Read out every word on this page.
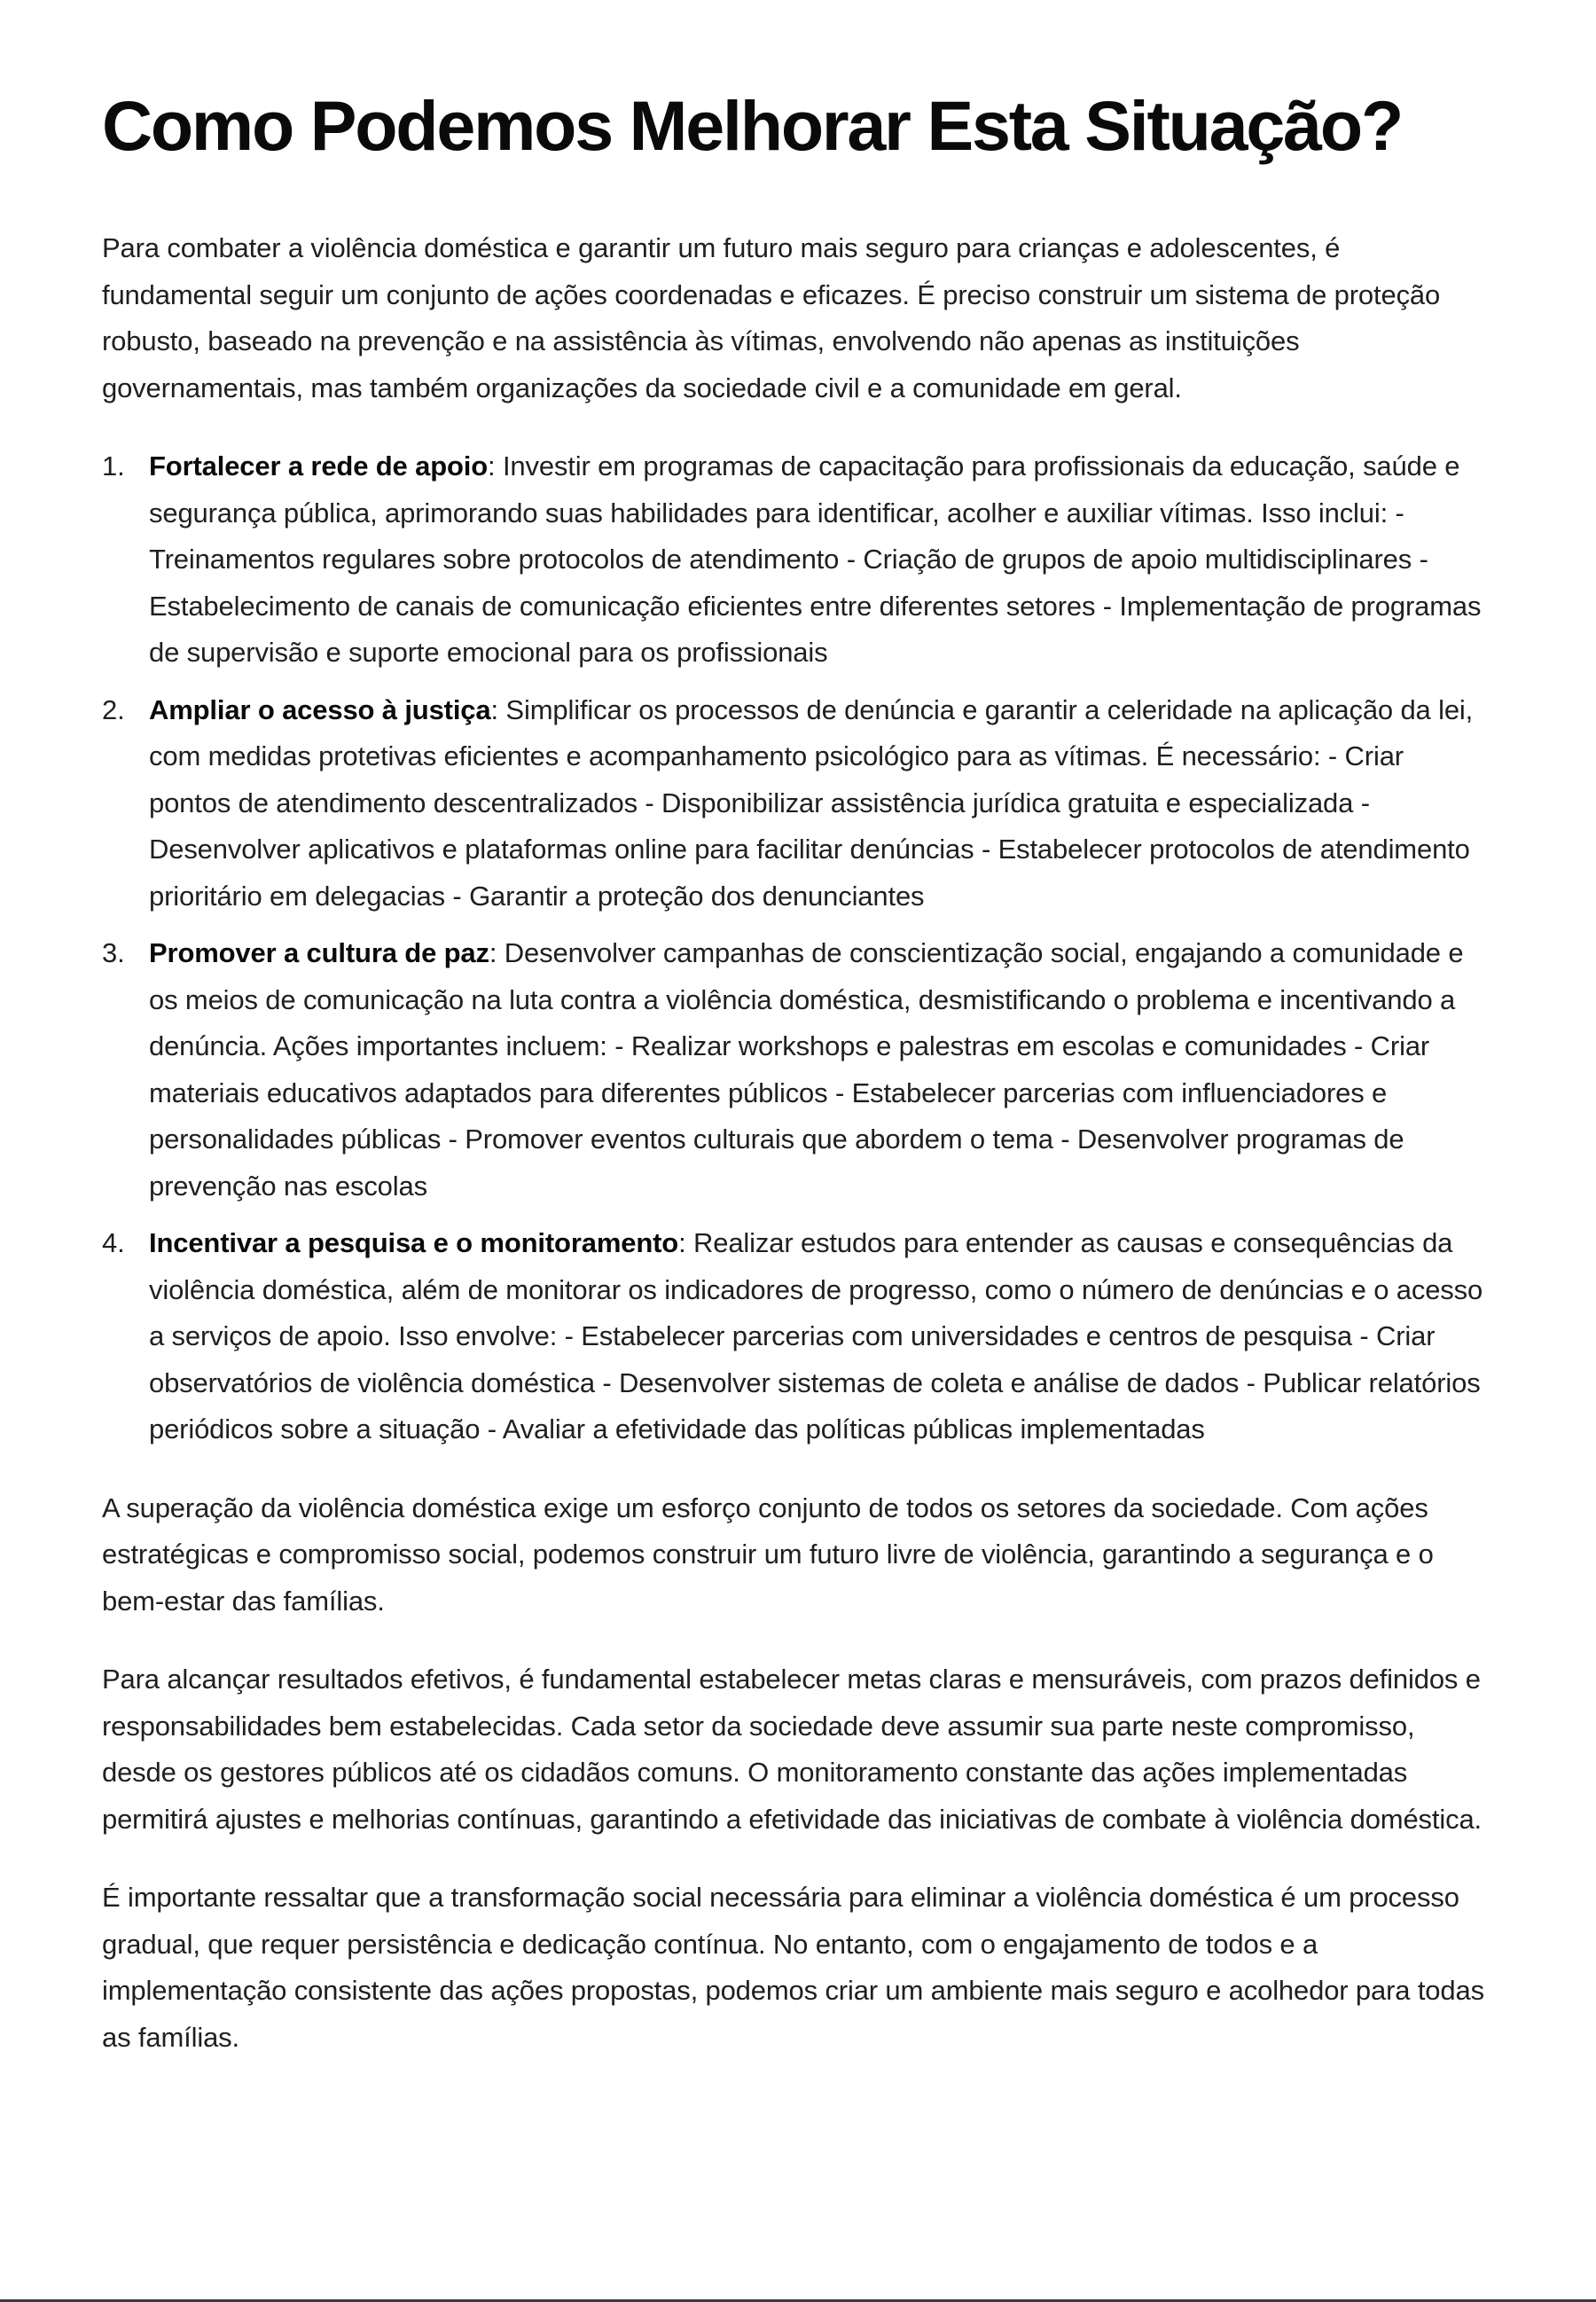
Como Podemos Melhorar Esta Situação?

Para combater a violência doméstica e garantir um futuro mais seguro para crianças e adolescentes, é fundamental seguir um conjunto de ações coordenadas e eficazes. É preciso construir um sistema de proteção robusto, baseado na prevenção e na assistência às vítimas, envolvendo não apenas as instituições governamentais, mas também organizações da sociedade civil e a comunidade em geral.

1. Fortalecer a rede de apoio: Investir em programas de capacitação para profissionais da educação, saúde e segurança pública, aprimorando suas habilidades para identificar, acolher e auxiliar vítimas. Isso inclui: - Treinamentos regulares sobre protocolos de atendimento - Criação de grupos de apoio multidisciplinares - Estabelecimento de canais de comunicação eficientes entre diferentes setores - Implementação de programas de supervisão e suporte emocional para os profissionais
2. Ampliar o acesso à justiça: Simplificar os processos de denúncia e garantir a celeridade na aplicação da lei, com medidas protetivas eficientes e acompanhamento psicológico para as vítimas. É necessário: - Criar pontos de atendimento descentralizados - Disponibilizar assistência jurídica gratuita e especializada - Desenvolver aplicativos e plataformas online para facilitar denúncias - Estabelecer protocolos de atendimento prioritário em delegacias - Garantir a proteção dos denunciantes
3. Promover a cultura de paz: Desenvolver campanhas de conscientização social, engajando a comunidade e os meios de comunicação na luta contra a violência doméstica, desmistificando o problema e incentivando a denúncia. Ações importantes incluem: - Realizar workshops e palestras em escolas e comunidades - Criar materiais educativos adaptados para diferentes públicos - Estabelecer parcerias com influenciadores e personalidades públicas - Promover eventos culturais que abordem o tema - Desenvolver programas de prevenção nas escolas
4. Incentivar a pesquisa e o monitoramento: Realizar estudos para entender as causas e consequências da violência doméstica, além de monitorar os indicadores de progresso, como o número de denúncias e o acesso a serviços de apoio. Isso envolve: - Estabelecer parcerias com universidades e centros de pesquisa - Criar observatórios de violência doméstica - Desenvolver sistemas de coleta e análise de dados - Publicar relatórios periódicos sobre a situação - Avaliar a efetividade das políticas públicas implementadas

A superação da violência doméstica exige um esforço conjunto de todos os setores da sociedade. Com ações estratégicas e compromisso social, podemos construir um futuro livre de violência, garantindo a segurança e o bem-estar das famílias.

Para alcançar resultados efetivos, é fundamental estabelecer metas claras e mensuráveis, com prazos definidos e responsabilidades bem estabelecidas. Cada setor da sociedade deve assumir sua parte neste compromisso, desde os gestores públicos até os cidadãos comuns. O monitoramento constante das ações implementadas permitirá ajustes e melhorias contínuas, garantindo a efetividade das iniciativas de combate à violência doméstica.

É importante ressaltar que a transformação social necessária para eliminar a violência doméstica é um processo gradual, que requer persistência e dedicação contínua. No entanto, com o engajamento de todos e a implementação consistente das ações propostas, podemos criar um ambiente mais seguro e acolhedor para todas as famílias.
